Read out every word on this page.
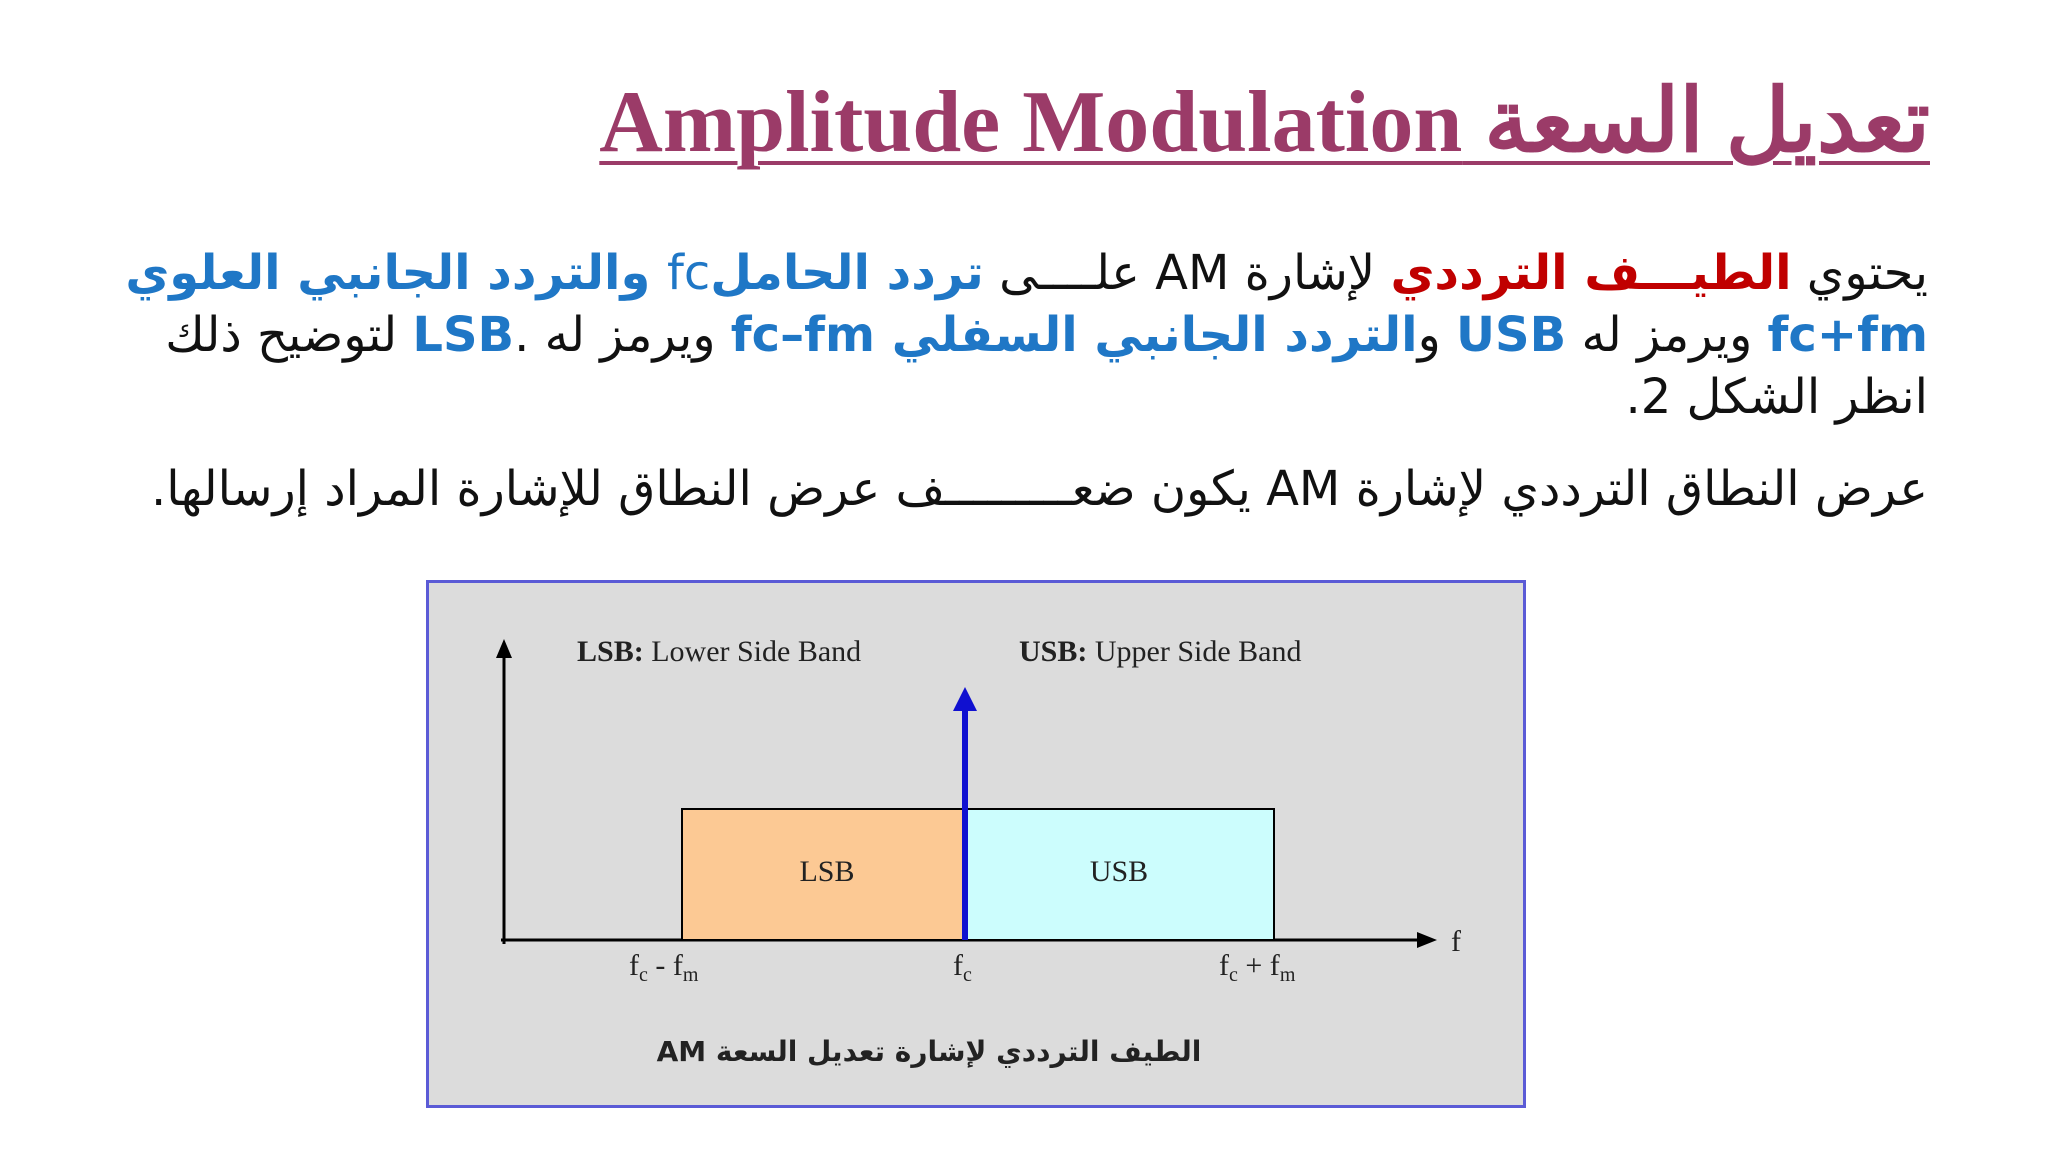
تعديل السعة Amplitude Modulation

يحتوي الطيـــف الترددي لإشارة AM علــــى تردد الحاملfc والتردد الجانبي العلوي fc+fm ويرمز له USB والتردد الجانبي السفلي fc–fm ويرمز له .LSB لتوضيح ذلك انظر الشكل 2.

عرض النطاق الترددي لإشارة AM يكون ضعـــــــــف عرض النطاق للإشارة المراد إرسالها.

LSB: Lower Side Band	USB: Upper Side Band
LSB	USB
f
$f_c - f_m$	$f_c$	$f_c + f_m$
الطيف الترددي لإشارة تعديل السعة AM
